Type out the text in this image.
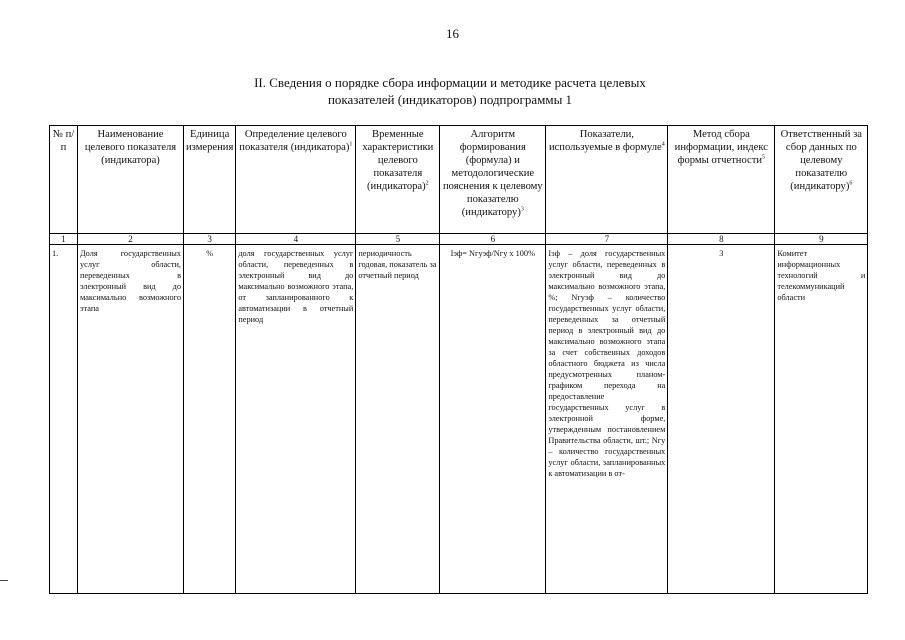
16
II. Сведения о порядке сбора информации и методике расчета целевых
показателей (индикаторов) подпрограммы 1
№ п/п	Наименование целевого показателя (индикатора)	Единица измерения	Определение целевого показателя (индикатора)$^1$	Временные характеристики целевого показателя (индикатора)$^2$	Алгоритм формирования (формула) и методологические пояснения к целевому показателю (индикатору)$^3$	Показатели, используемые в формуле$^4$	Метод сбора информации, индекс формы отчетности$^5$	Ответственный за сбор данных по целевому показателю (индикатору)$^6$
1	2	3	4	5	6	7	8	9
1.	Доля государственных услуг области, переведенных в электронный вид до максимально возможного этапа	%	доля государственных услуг области, переведенных в электронный вид до максимально возможного этапа, от запланированного к автоматизации в отчетный период	периодичность годовая, показатель за отчетный период	Іэф= Nгуэф/Nгу x 100%	Іэф – доля государственных услуг области, переведенных в электронный вид до максимально возможного этапа, %; Nгуэф – количество государственных услуг области, переведенных за отчетный период в электронный вид до максимально возможного этапа за счет собственных доходов областного бюджета из числа предусмотренных планом-графиком перехода на предоставление государственных услуг в электронной форме, утвержденным постановлением Правительства области, шт.; Nгу – количество государственных услуг области, запланированных к автоматизации в от-	3	Комитет информационных технологий и телекоммуникаций области
